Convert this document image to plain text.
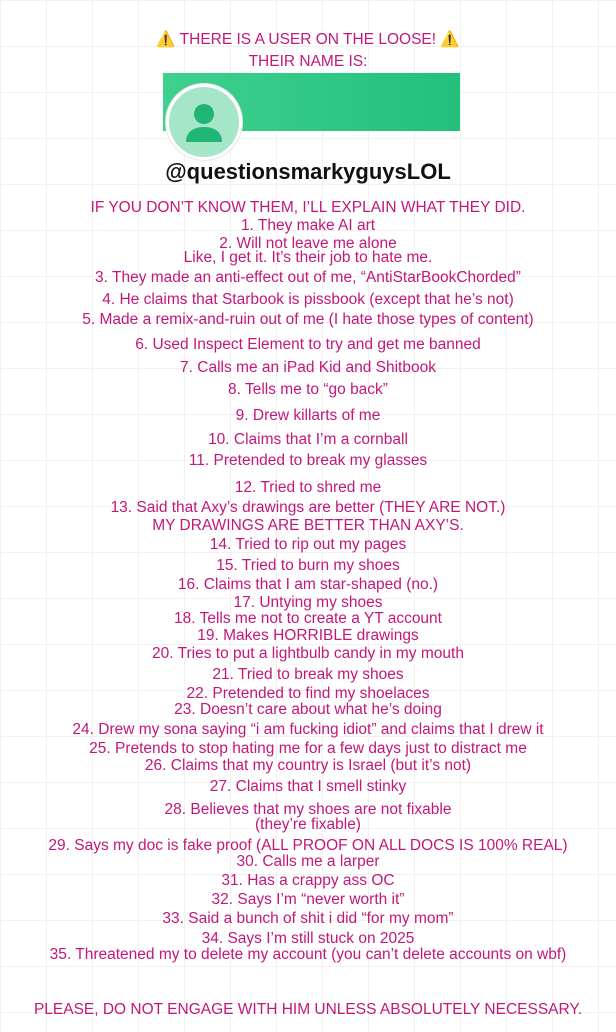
⚠️ THERE IS A USER ON THE LOOSE! ⚠️
THEIR NAME IS:
@questionsmarkyguysLOL
IF YOU DON’T KNOW THEM, I’LL EXPLAIN WHAT THEY DID.
1. They make AI art
2. Will not leave me alone
Like, I get it. It’s their job to hate me.
3. They made an anti-effect out of me, “AntiStarBookChorded”
4. He claims that Starbook is pissbook (except that he’s not)
5. Made a remix-and-ruin out of me (I hate those types of content)
6. Used Inspect Element to try and get me banned
7. Calls me an iPad Kid and Shitbook
8. Tells me to “go back”
9. Drew killarts of me
10. Claims that I’m a cornball
11. Pretended to break my glasses
12. Tried to shred me
13. Said that Axy’s drawings are better (THEY ARE NOT.)
MY DRAWINGS ARE BETTER THAN AXY’S.
14. Tried to rip out my pages
15. Tried to burn my shoes
16. Claims that I am star-shaped (no.)
17. Untying my shoes
18. Tells me not to create a YT account
19. Makes HORRIBLE drawings
20. Tries to put a lightbulb candy in my mouth
21. Tried to break my shoes
22. Pretended to find my shoelaces
23. Doesn’t care about what he’s doing
24. Drew my sona saying “i am fucking idiot” and claims that I drew it
25. Pretends to stop hating me for a few days just to distract me
26. Claims that my country is Israel (but it’s not)
27. Claims that I smell stinky
28. Believes that my shoes are not fixable
(they’re fixable)
29. Says my doc is fake proof (ALL PROOF ON ALL DOCS IS 100% REAL)
30. Calls me a larper
31. Has a crappy ass OC
32. Says I’m “never worth it”
33. Said a bunch of shit i did “for my mom”
34. Says I’m still stuck on 2025
35. Threatened my to delete my account (you can’t delete accounts on wbf)
PLEASE, DO NOT ENGAGE WITH HIM UNLESS ABSOLUTELY NECESSARY.
